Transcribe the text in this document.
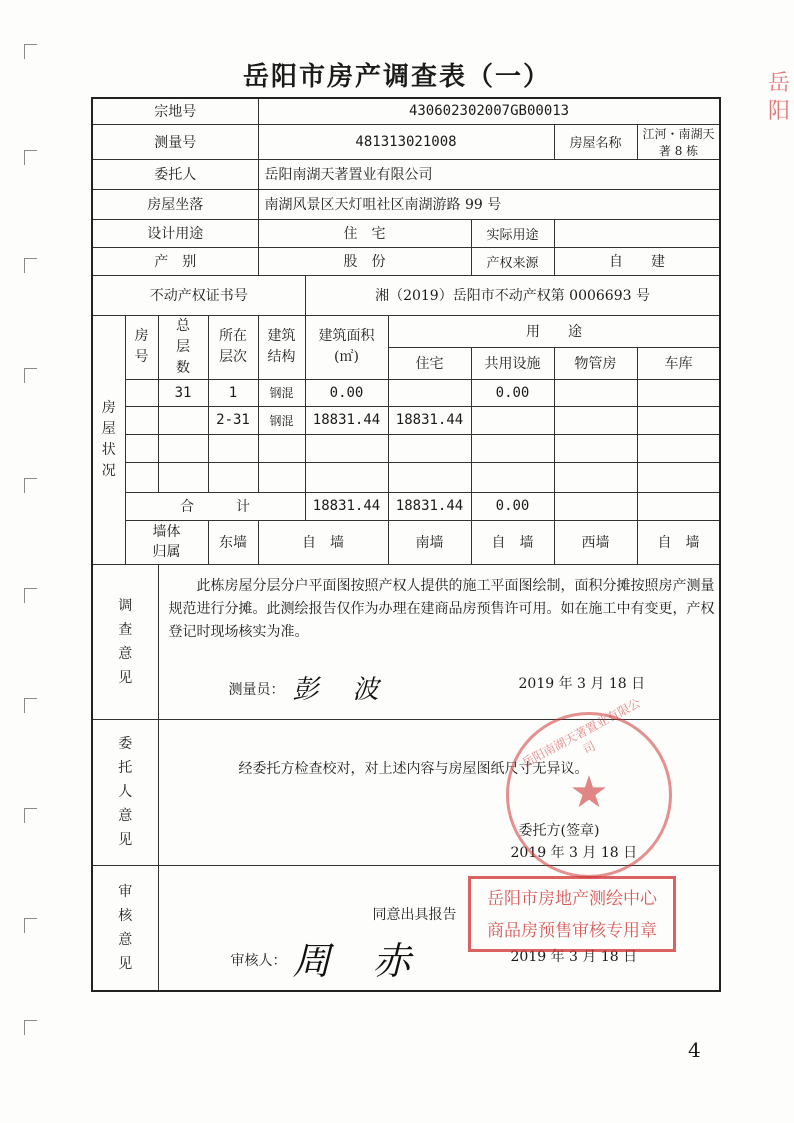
岳阳
岳阳市房产调查表（一）
宗地号				430602302007GB00013						
测量号				481313021008				房屋名称	江河・南湖天著 8 栋	
委托人				岳阳南湖天著置业有限公司						
房屋坐落				南湖风景区天灯咀社区南湖游路 99 号						
设计用途				住　宅			实际用途			
产　别				股　份			产权来源	自　　建		
不动产权证书号					湘（2019）岳阳市不动产权第 0006693 号					
房屋状况	房号	总层数	所在层次	建筑结构	建筑面积(㎡)	用　　途				
						住宅	共用设施	物管房	车库	
		31	1	钢混	0.00		0.00			
			2-31	钢混	18831.44	18831.44				

	合　　　计				18831.44	18831.44	0.00			
	墙体归属		东墙	自　墙		南墙	自　墙	西墙	自　墙	

调查意见		此栋房屋分层分户平面图按照产权人提供的施工平面图绘制，面积分摊按照房产测量规范进行分摊。此测绘报告仅作为办理在建商品房预售许可用。如在施工中有变更，产权登记时现场核实为准。
测量员： 彭　波 2019 年 3 月 18 日								

委托人意见		经委托方检查校对，对上述内容与房屋图纸尺寸无异议。
委托方(签章)
2019 年 3 月 18 日								

审核意见		同意出具报告
审核人： 周　赤 2019 年 3 月 18 日								
岳阳南湖天著置业有限公司
★
岳阳市房地产测绘中心
商品房预售审核专用章
4
